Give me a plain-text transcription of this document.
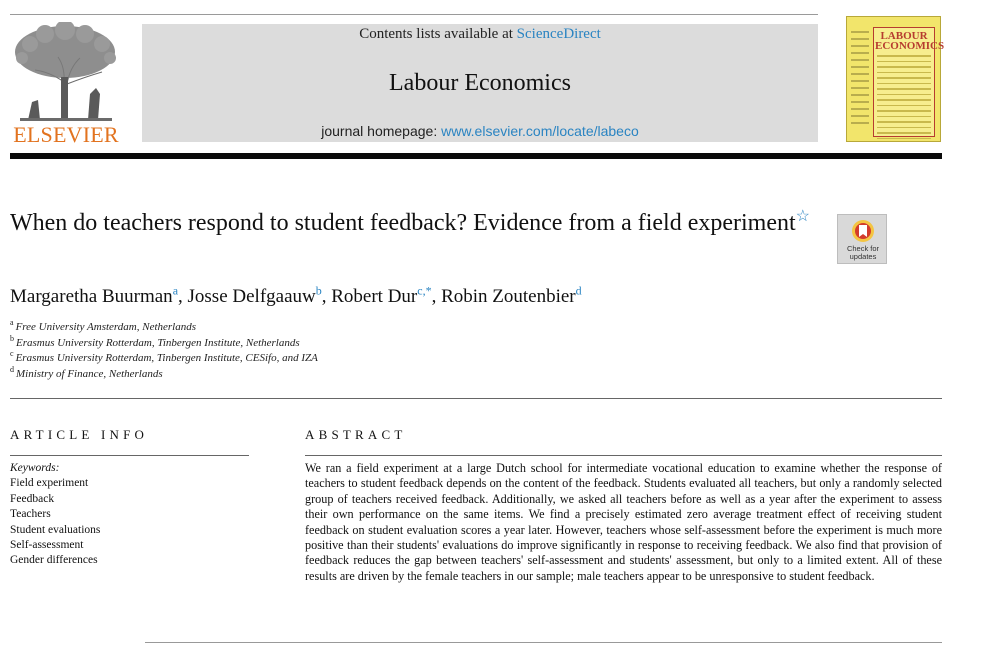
ELSEVIER
Contents lists available at ScienceDirect
Labour Economics
journal homepage: www.elsevier.com/locate/labeco
LABOUR ECONOMICS
When do teachers respond to student feedback? Evidence from a field experiment☆
Check for updates
Margaretha Buurman$^a$, Josse Delfgaauw$^b$, Robert Dur$^{c,*}$, Robin Zoutenbier$^d$
$^a$ Free University Amsterdam, Netherlands
$^b$ Erasmus University Rotterdam, Tinbergen Institute, Netherlands
$^c$ Erasmus University Rotterdam, Tinbergen Institute, CESifo, and IZA
$^d$ Ministry of Finance, Netherlands
ARTICLE INFO
Keywords:
Field experiment
Feedback
Teachers
Student evaluations
Self-assessment
Gender differences
ABSTRACT
We ran a field experiment at a large Dutch school for intermediate vocational education to examine whether the response of teachers to student feedback depends on the content of the feedback. Students evaluated all teachers, but only a randomly selected group of teachers received feedback. Additionally, we asked all teachers before as well as a year after the experiment to assess their own performance on the same items. We find a precisely estimated zero average treatment effect of receiving student feedback on student evaluation scores a year later. However, teachers whose self-assessment before the experiment is much more positive than their students' evaluations do improve significantly in response to receiving feedback. We also find that provision of feedback reduces the gap between teachers' self-assessment and students' assessment, but only to a limited extent. All of these results are driven by the female teachers in our sample; male teachers appear to be unresponsive to student feedback.
